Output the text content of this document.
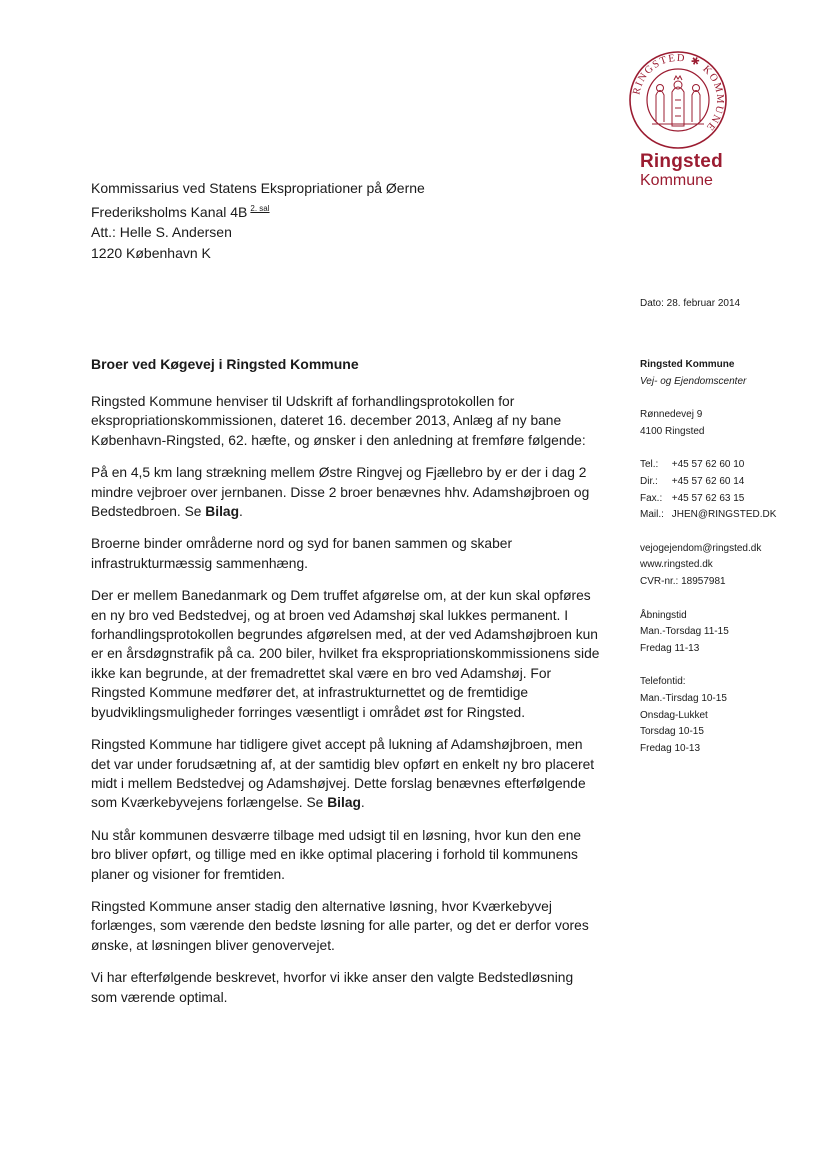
RINGSTED ✱ KOMMUNE
Ringsted
Kommune
Kommissarius ved Statens Ekspropriationer på Øerne
Frederiksholms Kanal 4B $^{2. sal}$
Att.: Helle S. Andersen
1220 København K
Dato: 28. februar 2014
Broer ved Køgevej i Ringsted Kommune

Ringsted Kommune henviser til Udskrift af forhandlingsprotokollen for ekspropriationskommissionen, dateret 16. december 2013, Anlæg af ny bane København-Ringsted, 62. hæfte, og ønsker i den anledning at fremføre følgende:

På en 4,5 km lang strækning mellem Østre Ringvej og Fjællebro by er der i dag 2 mindre vejbroer over jernbanen. Disse 2 broer benævnes hhv. Adamshøjbroen og Bedstedbroen. Se Bilag.

Broerne binder områderne nord og syd for banen sammen og skaber infrastrukturmæssig sammenhæng.

Der er mellem Banedanmark og Dem truffet afgørelse om, at der kun skal opføres en ny bro ved Bedstedvej, og at broen ved Adamshøj skal lukkes permanent. I forhandlingsprotokollen begrundes afgørelsen med, at der ved Adamshøjbroen kun er en årsdøgnstrafik på ca. 200 biler, hvilket fra ekspropriationskommissionens side ikke kan begrunde, at der fremadrettet skal være en bro ved Adamshøj. For Ringsted Kommune medfører det, at infrastrukturnettet og de fremtidige byudviklingsmuligheder forringes væsentligt i området øst for Ringsted.

Ringsted Kommune har tidligere givet accept på lukning af Adamshøjbroen, men det var under forudsætning af, at der samtidig blev opført en enkelt ny bro placeret midt i mellem Bedstedvej og Adamshøjvej. Dette forslag benævnes efterfølgende som Kværkebyvejens forlængelse. Se Bilag.

Nu står kommunen desværre tilbage med udsigt til en løsning, hvor kun den ene bro bliver opført, og tillige med en ikke optimal placering i forhold til kommunens planer og visioner for fremtiden.

Ringsted Kommune anser stadig den alternative løsning, hvor Kværkebyvej forlænges, som værende den bedste løsning for alle parter, og det er derfor vores ønske, at løsningen bliver genovervejet.

Vi har efterfølgende beskrevet, hvorfor vi ikke anser den valgte Bedstedløsning som værende optimal.

Ringsted Kommune
Vej- og Ejendomscenter
Rønnedevej 9
4100 Ringsted
Tel.: +45 57 62 60 10
Dir.: +45 57 62 60 14
Fax.: +45 57 62 63 15
Mail.: JHEN@RINGSTED.DK
vejogejendom@ringsted.dk
www.ringsted.dk
CVR-nr.: 18957981
Åbningstid
Man.-Torsdag 11-15
Fredag 11-13
Telefontid:
Man.-Tirsdag 10-15
Onsdag-Lukket
Torsdag 10-15
Fredag 10-13
